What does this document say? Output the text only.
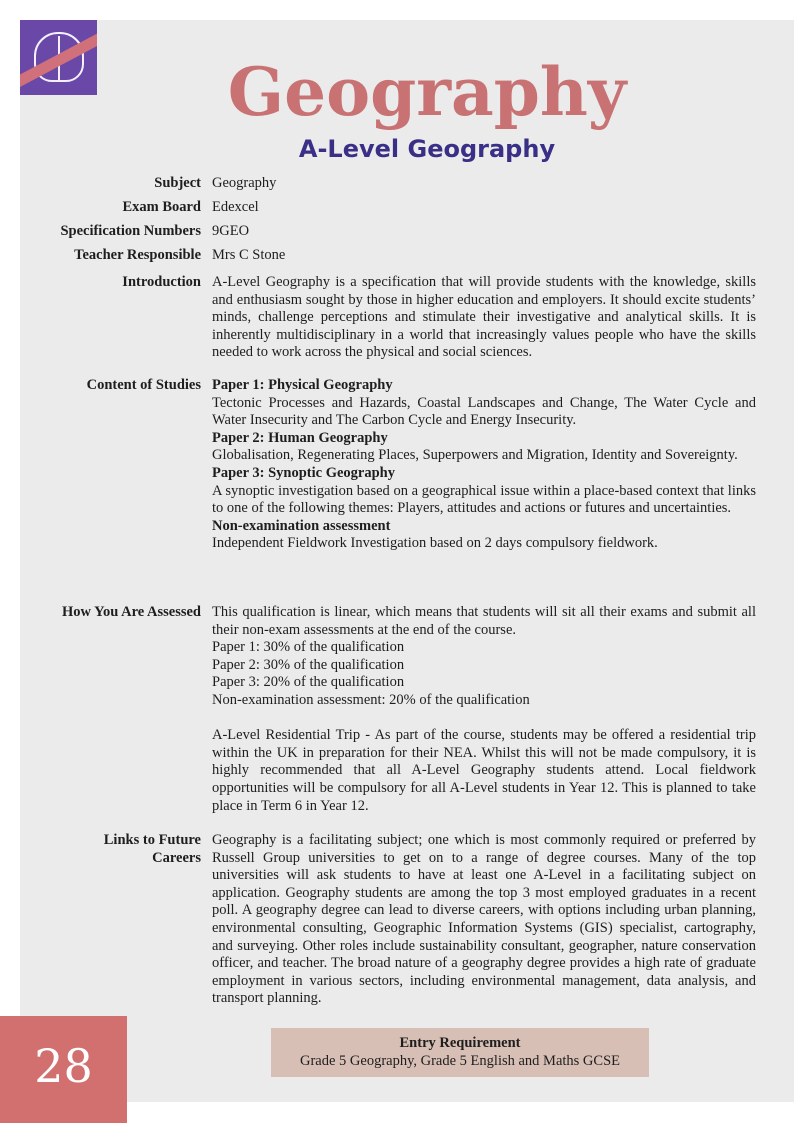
Geography
A-Level Geography
Subject Geography
Exam Board Edexcel
Specification Numbers 9GEO
Teacher Responsible Mrs C Stone
Introduction A-Level Geography is a specification that will provide students with the knowledge, skills and enthusiasm sought by those in higher education and employers. It should excite students’ minds, challenge perceptions and stimulate their investigative and analytical skills. It is inherently multidisciplinary in a world that increasingly values people who have the skills needed to work across the physical and social sciences.
Content of Studies Paper 1: Physical Geography
Tectonic Processes and Hazards, Coastal Landscapes and Change, The Water Cycle and Water Insecurity and The Carbon Cycle and Energy Insecurity.
Paper 2: Human Geography
Globalisation, Regenerating Places, Superpowers and Migration, Identity and Sovereignty.
Paper 3: Synoptic Geography
A synoptic investigation based on a geographical issue within a place-based context that links to one of the following themes: Players, attitudes and actions or futures and uncertainties.
Non-examination assessment
Independent Fieldwork Investigation based on 2 days compulsory fieldwork.
How You Are Assessed This qualification is linear, which means that students will sit all their exams and submit all their non-exam assessments at the end of the course.
Paper 1: 30% of the qualification
Paper 2: 30% of the qualification
Paper 3: 20% of the qualification
Non-examination assessment: 20% of the qualification
A-Level Residential Trip - As part of the course, students may be offered a residential trip within the UK in preparation for their NEA. Whilst this will not be made compulsory, it is highly recommended that all A-Level Geography students attend. Local fieldwork opportunities will be compulsory for all A-Level students in Year 12. This is planned to take place in Term 6 in Year 12.
Links to Future
Careers
Geography is a facilitating subject; one which is most commonly required or preferred by Russell Group universities to get on to a range of degree courses. Many of the top universities will ask students to have at least one A-Level in a facilitating subject on application. Geography students are among the top 3 most employed graduates in a recent poll. A geography degree can lead to diverse careers, with options including urban planning, environmental consulting, Geographic Information Systems (GIS) specialist, cartography, and surveying. Other roles include sustainability consultant, geographer, nature conservation officer, and teacher. The broad nature of a geography degree provides a high rate of graduate employment in various sectors, including environmental management, data analysis, and transport planning.
28	Entry Requirement
Grade 5 Geography, Grade 5 English and Maths GCSE
